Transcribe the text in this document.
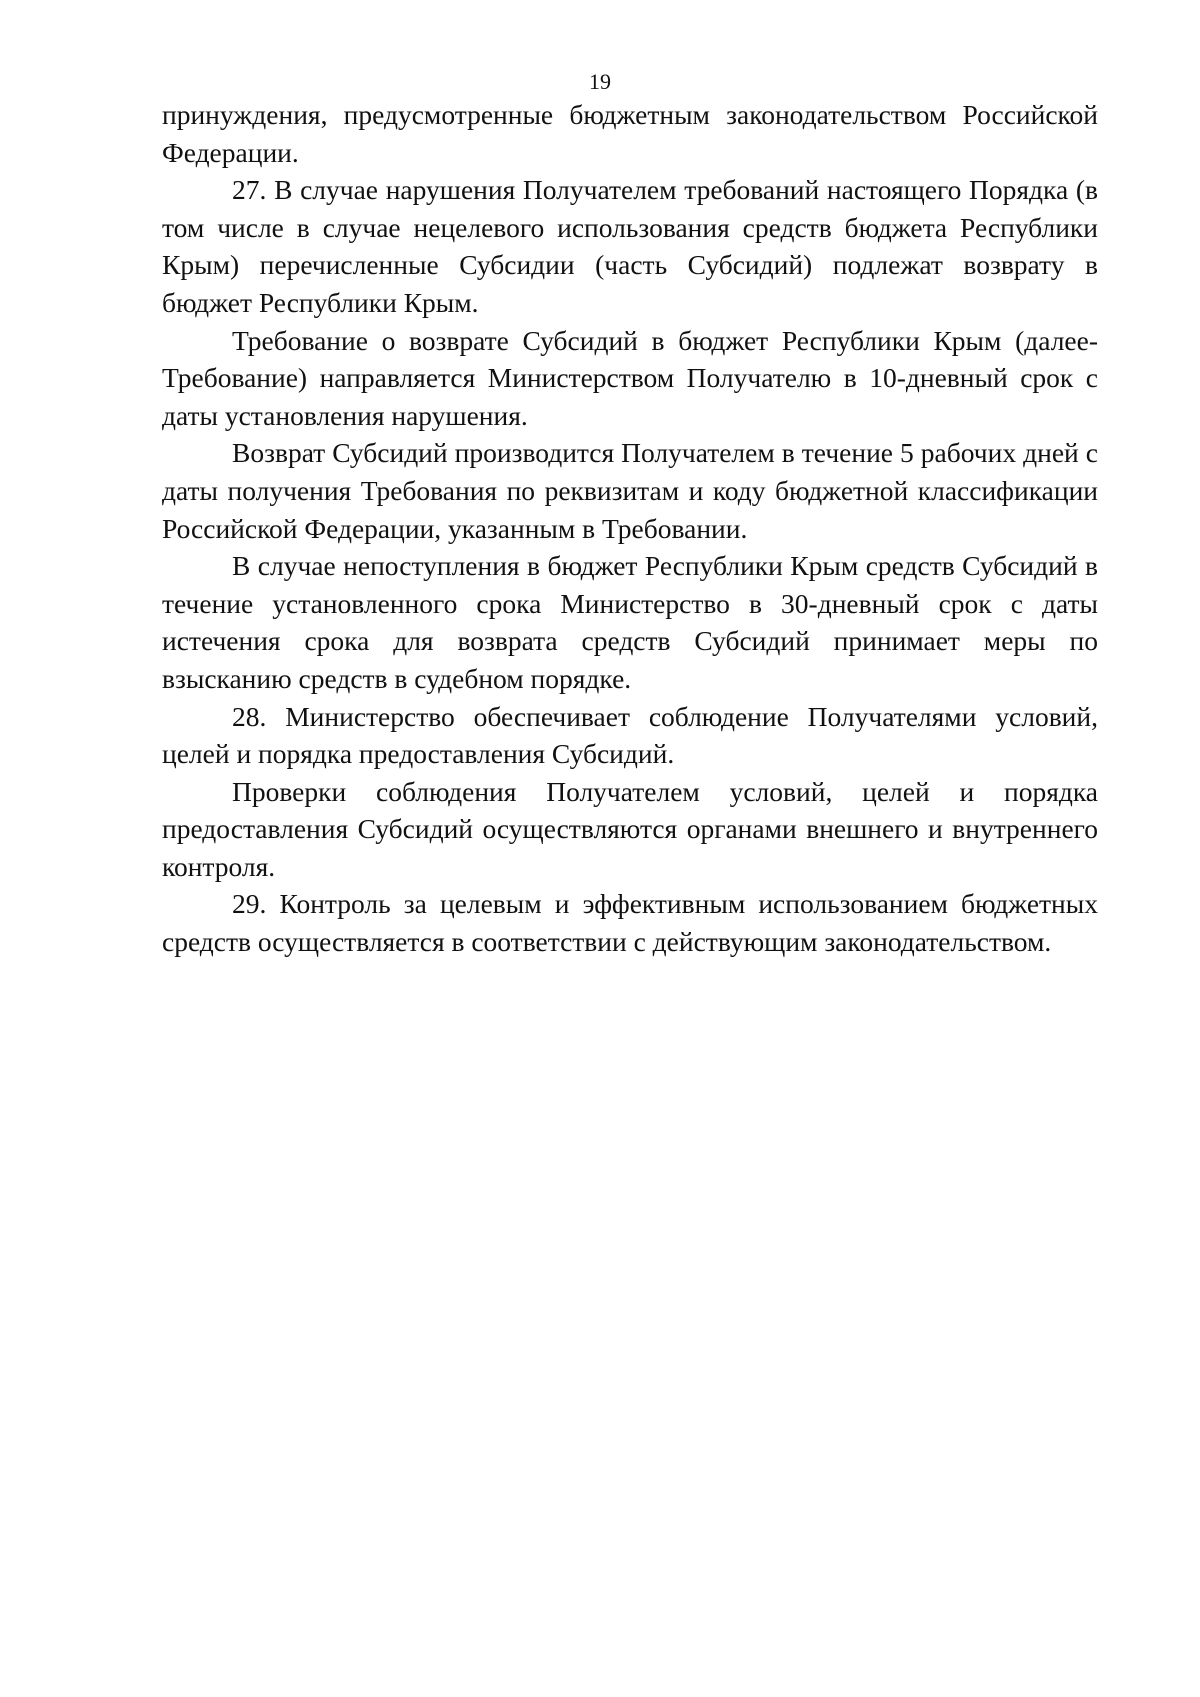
19

принуждения, предусмотренные бюджетным законодательством Российской Федерации.

27. В случае нарушения Получателем требований настоящего Порядка (в том числе в случае нецелевого использования средств бюджета Республики Крым) перечисленные Субсидии (часть Субсидий) подлежат возврату в бюджет Республики Крым.

Требование о возврате Субсидий в бюджет Республики Крым (далее-Требование) направляется Министерством Получателю в 10-дневный срок с даты установления нарушения.

Возврат Субсидий производится Получателем в течение 5 рабочих дней с даты получения Требования по реквизитам и коду бюджетной классификации Российской Федерации, указанным в Требовании.

В случае непоступления в бюджет Республики Крым средств Субсидий в течение установленного срока Министерство в 30-дневный срок с даты истечения срока для возврата средств Субсидий принимает меры по взысканию средств в судебном порядке.

28. Министерство обеспечивает соблюдение Получателями условий, целей и порядка предоставления Субсидий.

Проверки соблюдения Получателем условий, целей и порядка предоставления Субсидий осуществляются органами внешнего и внутреннего контроля.

29. Контроль за целевым и эффективным использованием бюджетных средств осуществляется в соответствии с действующим законодательством.
